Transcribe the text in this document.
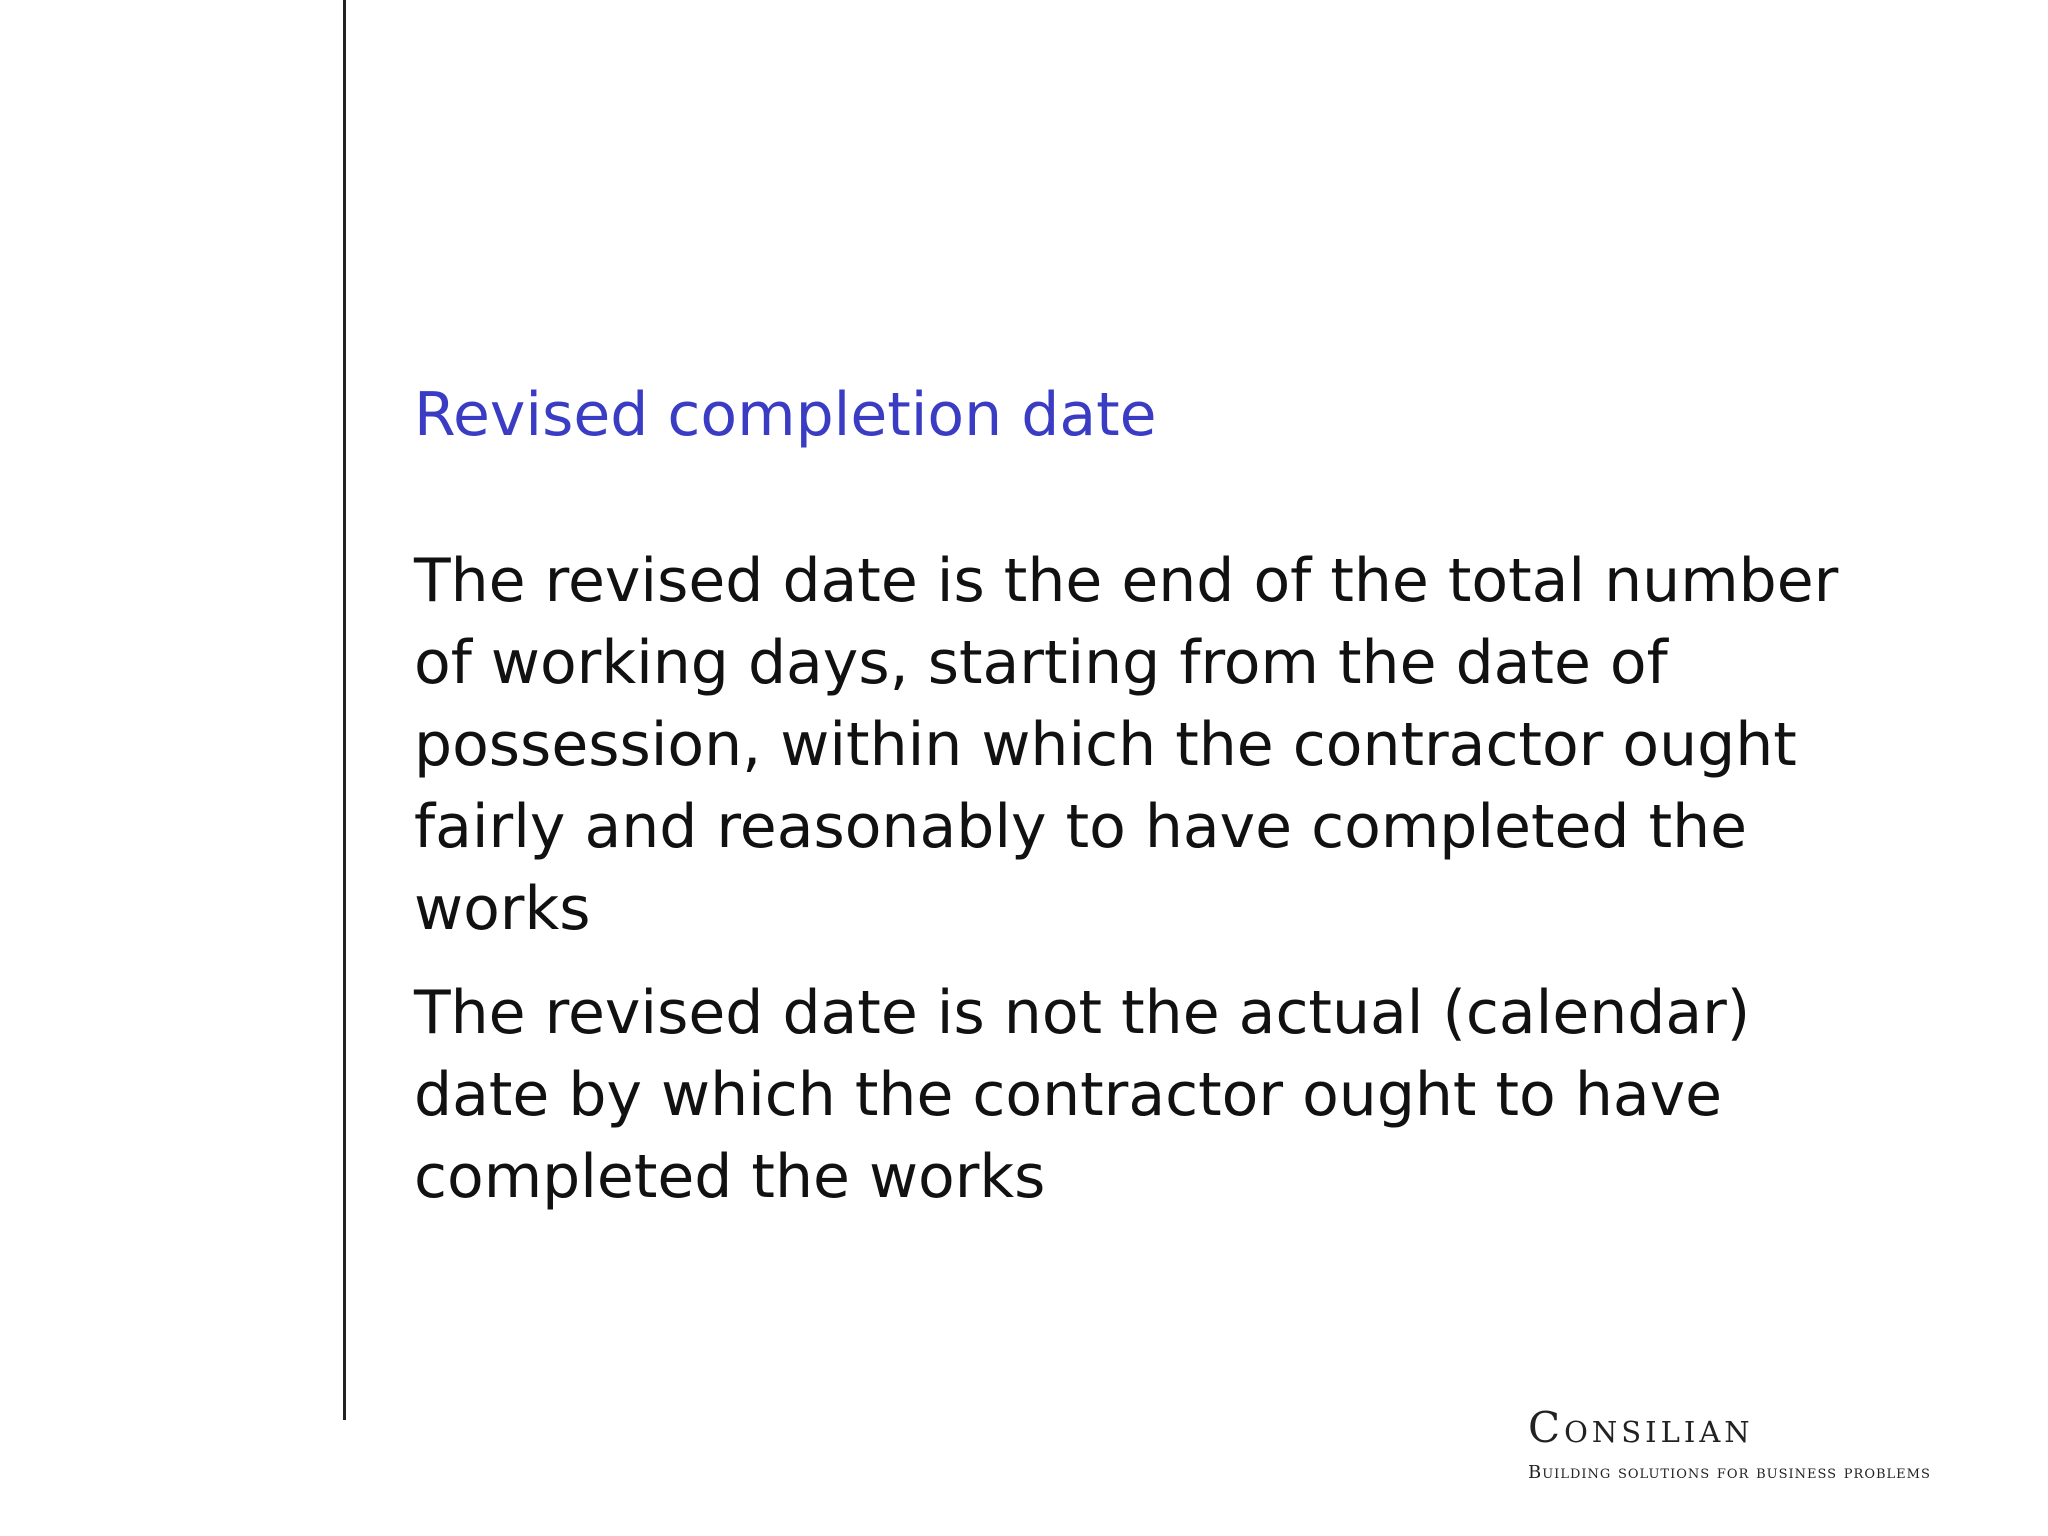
Revised completion date

The revised date is the end of the total number of working days, starting from the date of possession, within which the contractor ought fairly and reasonably to have completed the works

The revised date is not the actual (calendar) date by which the contractor ought to have completed the works

Consilian
Building solutions for business problems
